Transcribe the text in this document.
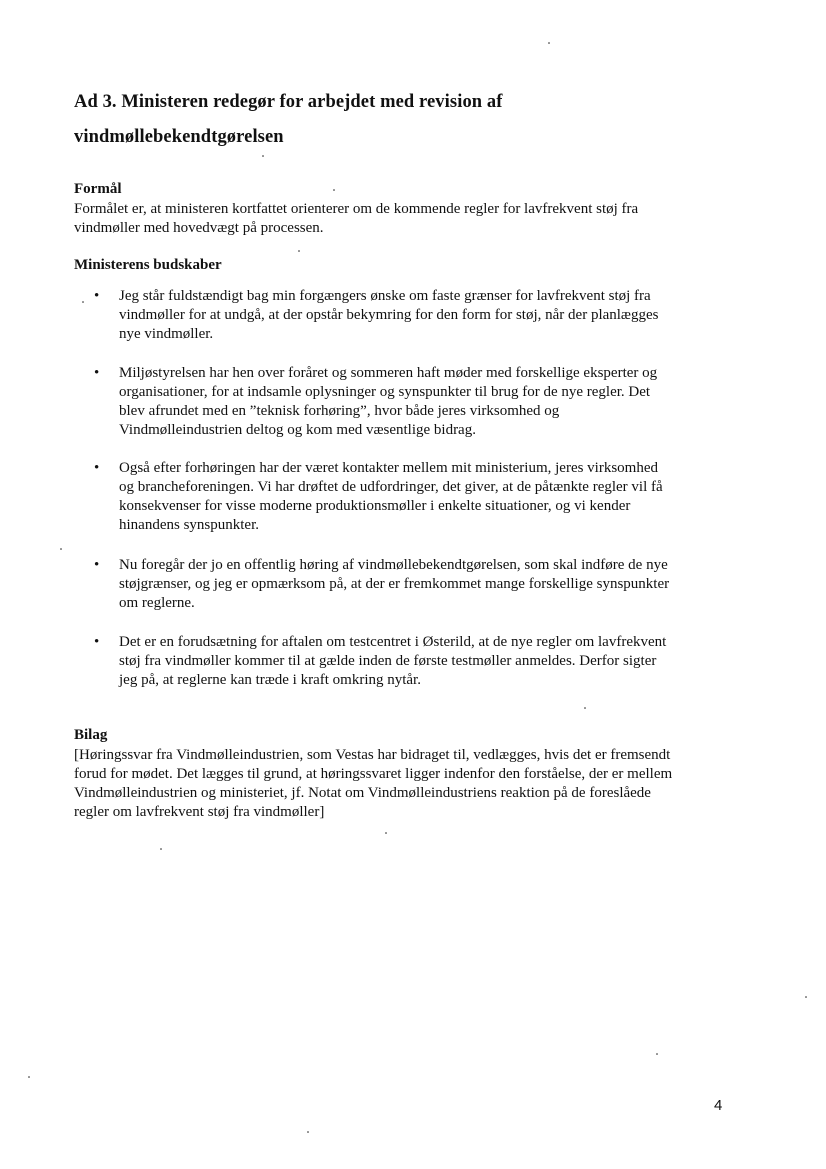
Ad 3. Ministeren redegør for arbejdet med revision af
vindmøllebekendtgørelsen
Formål
Formålet er, at ministeren kortfattet orienterer om de kommende regler for lavfrekvent støj fra
vindmøller med hovedvægt på processen.
Ministerens budskaber
•	Jeg står fuldstændigt bag min forgængers ønske om faste grænser for lavfrekvent støj fra
vindmøller for at undgå, at der opstår bekymring for den form for støj, når der planlægges
nye vindmøller.
•	Miljøstyrelsen har hen over foråret og sommeren haft møder med forskellige eksperter og
organisationer, for at indsamle oplysninger og synspunkter til brug for de nye regler. Det
blev afrundet med en ”teknisk forhøring”, hvor både jeres virksomhed og
Vindmølleindustrien deltog og kom med væsentlige bidrag.
•	Også efter forhøringen har der været kontakter mellem mit ministerium, jeres virksomhed
og brancheforeningen. Vi har drøftet de udfordringer, det giver, at de påtænkte regler vil få
konsekvenser for visse moderne produktionsmøller i enkelte situationer, og vi kender
hinandens synspunkter.
•	Nu foregår der jo en offentlig høring af vindmøllebekendtgørelsen, som skal indføre de nye
støjgrænser, og jeg er opmærksom på, at der er fremkommet mange forskellige synspunkter
om reglerne.
•	Det er en forudsætning for aftalen om testcentret i Østerild, at de nye regler om lavfrekvent
støj fra vindmøller kommer til at gælde inden de første testmøller anmeldes. Derfor sigter
jeg på, at reglerne kan træde i kraft omkring nytår.
Bilag
[Høringssvar fra Vindmølleindustrien, som Vestas har bidraget til, vedlægges, hvis det er fremsendt
forud for mødet. Det lægges til grund, at høringssvaret ligger indenfor den forståelse, der er mellem
Vindmølleindustrien og ministeriet, jf. Notat om Vindmølleindustriens reaktion på de foreslåede
regler om lavfrekvent støj fra vindmøller]
4
